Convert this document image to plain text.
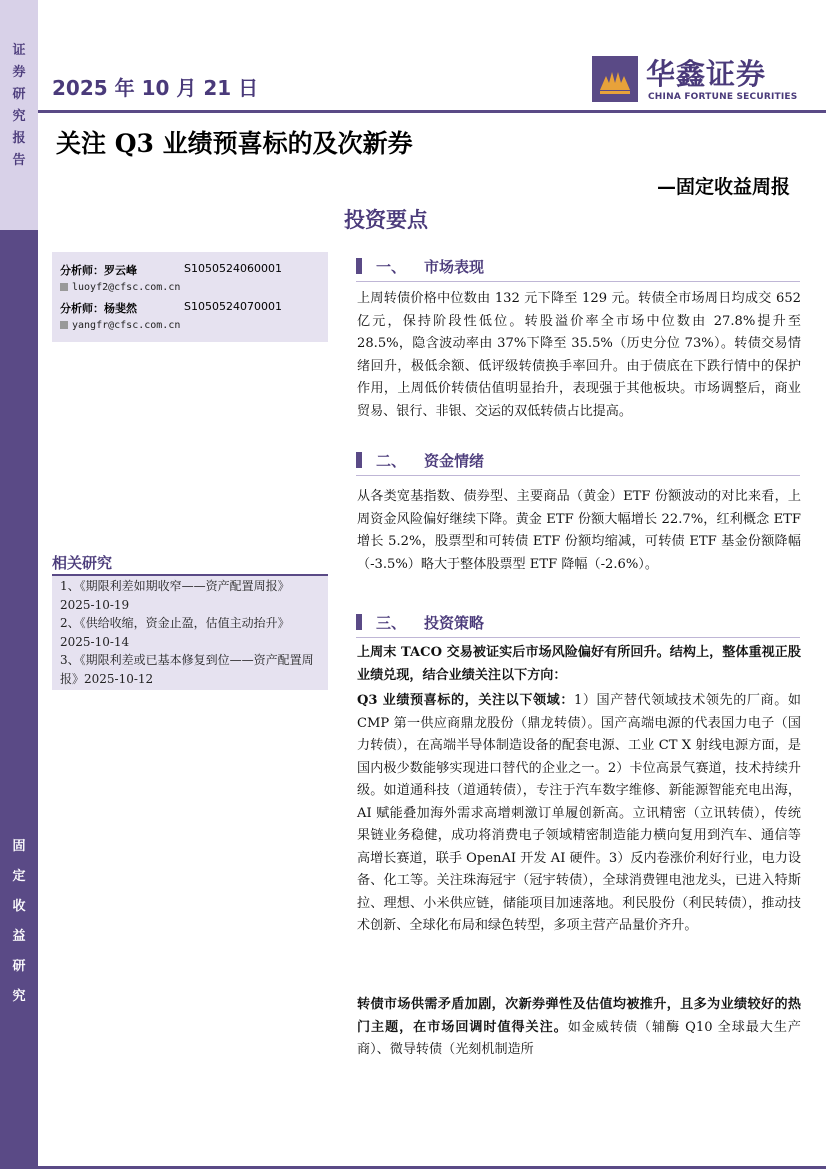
证
券
研
究
报
告
固
定
收
益
研
究
2025 年 10 月 21 日	华鑫证券
CHINA FORTUNE SECURITIES
关注 Q3 业绩预喜标的及次新券
—固定收益周报
投资要点
分析师：罗云峰	S1050524060001
luoyf2@cfsc.com.cn
分析师：杨斐然	S1050524070001
yangfr@cfsc.com.cn
相关研究
1、《期限利差如期收窄——资产配置周报》2025-10-19
2、《供给收缩，资金止盈，估值主动抬升》2025-10-14
3、《期限利差或已基本修复到位——资产配置周报》2025-10-12
一、 市场表现
上周转债价格中位数由 132 元下降至 129 元。转债全市场周日均成交 652 亿元，保持阶段性低位。转股溢价率全市场中位数由 27.8%提升至 28.5%，隐含波动率由 37%下降至 35.5%（历史分位 73%）。转债交易情绪回升，极低余额、低评级转债换手率回升。由于债底在下跌行情中的保护作用，上周低价转债估值明显抬升，表现强于其他板块。市场调整后，商业贸易、银行、非银、交运的双低转债占比提高。
二、 资金情绪
从各类宽基指数、债券型、主要商品（黄金）ETF 份额波动的对比来看，上周资金风险偏好继续下降。黄金 ETF 份额大幅增长 22.7%，红利概念 ETF 增长 5.2%，股票型和可转债 ETF 份额均缩减，可转债 ETF 基金份额降幅（-3.5%）略大于整体股票型 ETF 降幅（-2.6%）。
三、 投资策略
上周末 TACO 交易被证实后市场风险偏好有所回升。结构上，整体重视正股业绩兑现，结合业绩关注以下方向：
Q3 业绩预喜标的，关注以下领域：1）国产替代领域技术领先的厂商。如 CMP 第一供应商鼎龙股份（鼎龙转债）。国产高端电源的代表国力电子（国力转债），在高端半导体制造设备的配套电源、工业 CT X 射线电源方面，是国内极少数能够实现进口替代的企业之一。2）卡位高景气赛道，技术持续升级。如道通科技（道通转债），专注于汽车数字维修、新能源智能充电出海，AI 赋能叠加海外需求高增刺激订单履创新高。立讯精密（立讯转债），传统果链业务稳健，成功将消费电子领域精密制造能力横向复用到汽车、通信等高增长赛道，联手 OpenAI 开发 AI 硬件。3）反内卷涨价利好行业，电力设备、化工等。关注珠海冠宇（冠宇转债），全球消费锂电池龙头，已进入特斯拉、理想、小米供应链，储能项目加速落地。利民股份（利民转债），推动技术创新、全球化布局和绿色转型，多项主营产品量价齐升。
转债市场供需矛盾加剧，次新券弹性及估值均被推升，且多为业绩较好的热门主题，在市场回调时值得关注。如金威转债（辅酶 Q10 全球最大生产商）、微导转债（光刻机制造所
